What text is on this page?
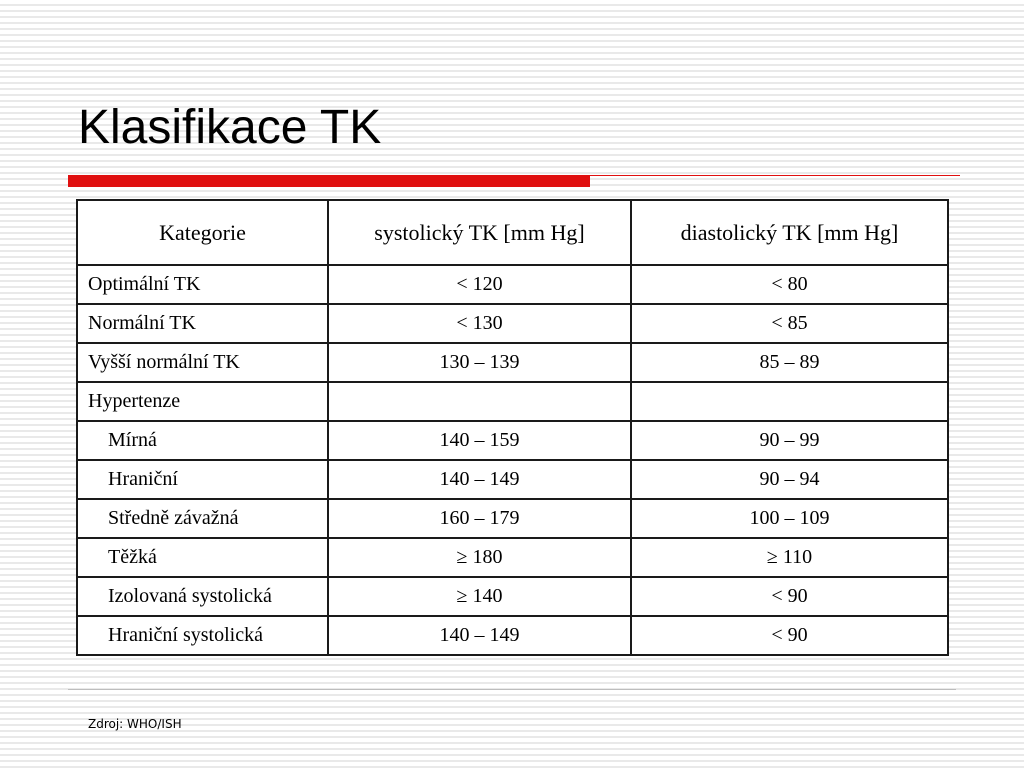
Klasifikace TK
Kategorie	systolický TK [mm Hg]	diastolický TK [mm Hg]
Optimální TK	< 120	< 80
Normální TK	< 130	< 85
Vyšší normální TK	130 – 139	85 – 89
Hypertenze		
Mírná	140 – 159	90 – 99
Hraniční	140 – 149	90 – 94
Středně závažná	160 – 179	100 – 109
Těžká	≥ 180	≥ 110
Izolovaná systolická	≥ 140	< 90
Hraniční systolická	140 – 149	< 90
Zdroj: WHO/ISH
